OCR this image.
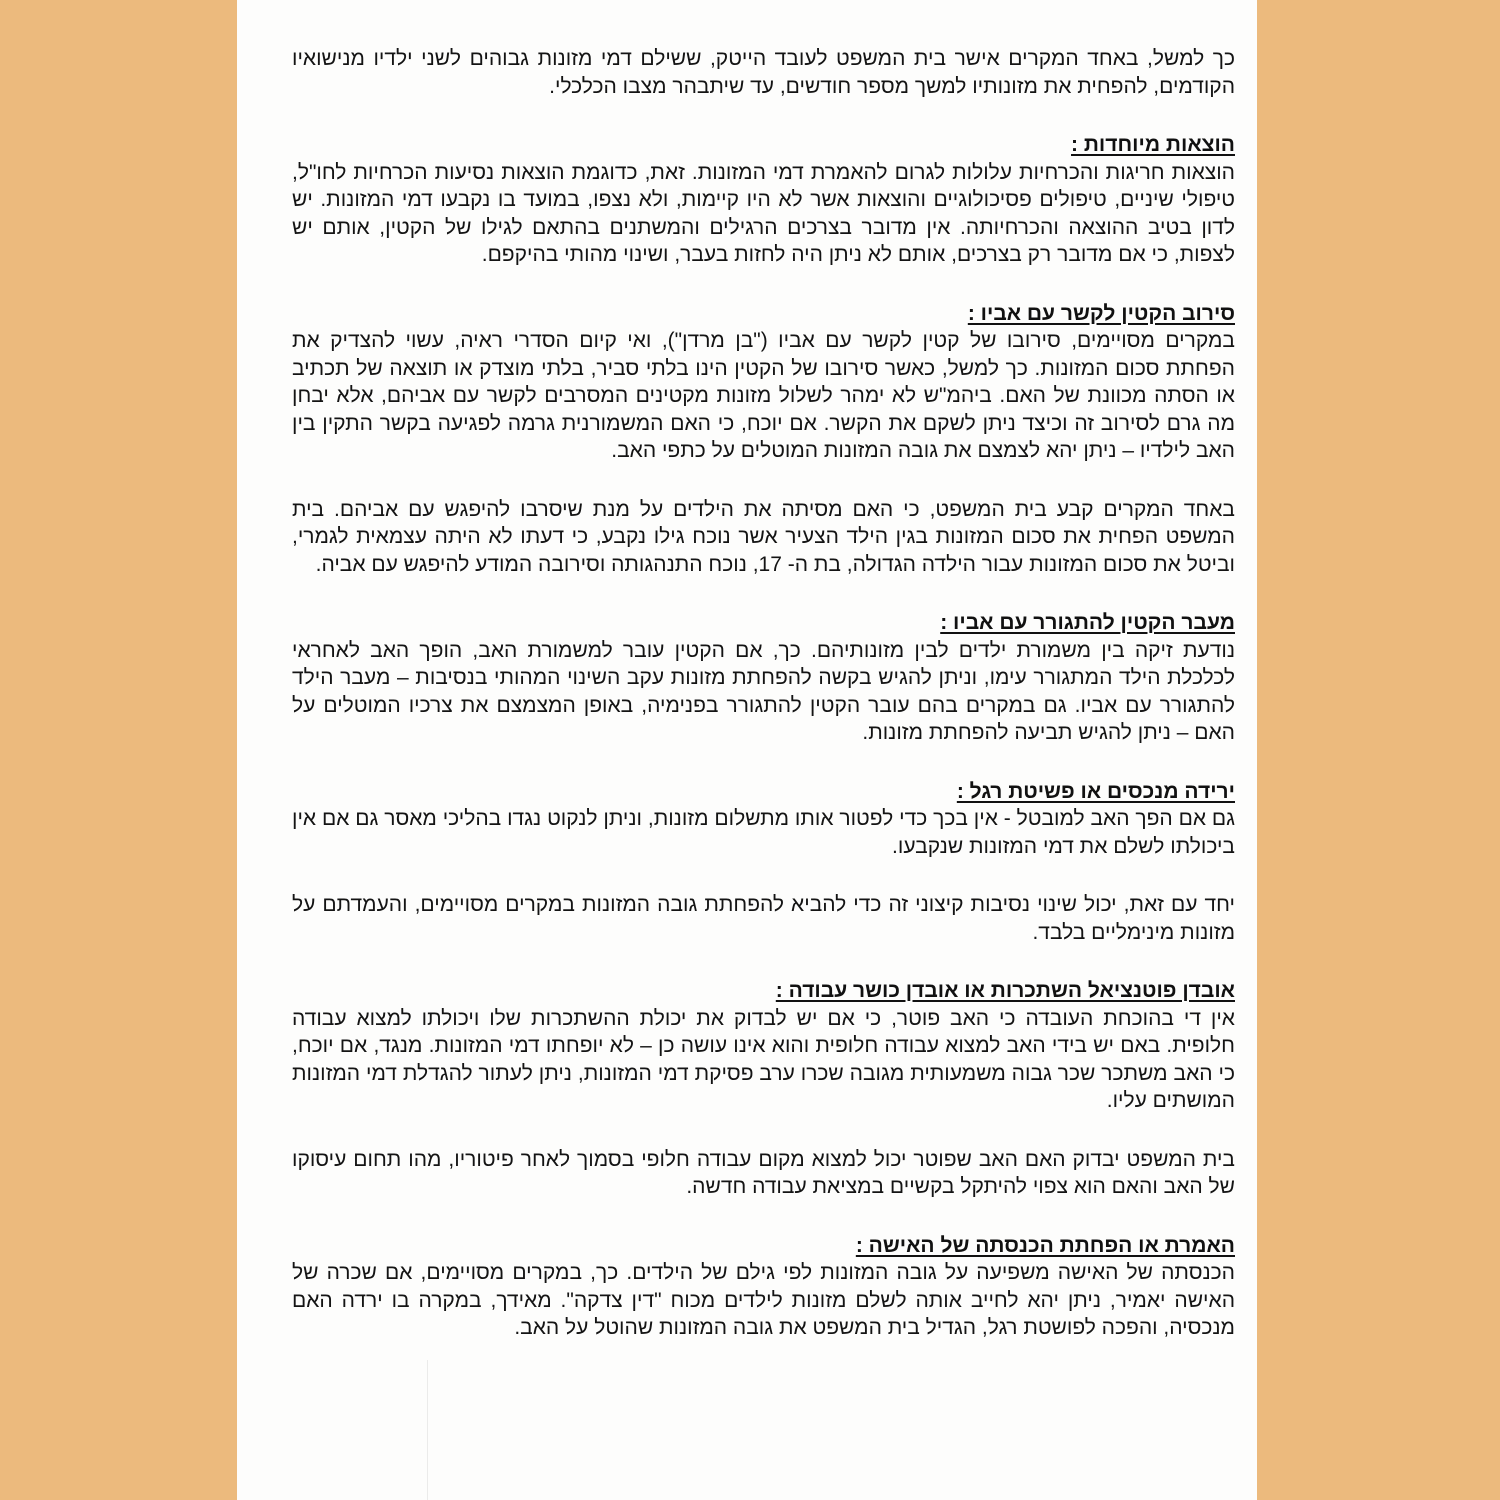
כך למשל, באחד המקרים אישר בית המשפט לעובד הייטק, ששילם דמי מזונות גבוהים לשני ילדיו מנישואיו הקודמים, להפחית את מזונותיו למשך מספר חודשים, עד שיתבהר מצבו הכלכלי.

הוצאות מיוחדות :

הוצאות חריגות והכרחיות עלולות לגרום להאמרת דמי המזונות. זאת, כדוגמת הוצאות נסיעות הכרחיות לחו"ל, טיפולי שיניים, טיפולים פסיכולוגיים והוצאות אשר לא היו קיימות, ולא נצפו, במועד בו נקבעו דמי המזונות. יש לדון בטיב ההוצאה והכרחיותה. אין מדובר בצרכים הרגילים והמשתנים בהתאם לגילו של הקטין, אותם יש לצפות, כי אם מדובר רק בצרכים, אותם לא ניתן היה לחזות בעבר, ושינוי מהותי בהיקפם.

סירוב הקטין לקשר עם אביו :

במקרים מסויימים, סירובו של קטין לקשר עם אביו ("בן מרדן"), ואי קיום הסדרי ראיה, עשוי להצדיק את הפחתת סכום המזונות. כך למשל, כאשר סירובו של הקטין הינו בלתי סביר, בלתי מוצדק או תוצאה של תכתיב או הסתה מכוונת של האם. ביהמ"ש לא ימהר לשלול מזונות מקטינים המסרבים לקשר עם אביהם, אלא יבחן מה גרם לסירוב זה וכיצד ניתן לשקם את הקשר. אם יוכח, כי האם המשמורנית גרמה לפגיעה בקשר התקין בין האב לילדיו – ניתן יהא לצמצם את גובה המזונות המוטלים על כתפי האב.

באחד המקרים קבע בית המשפט, כי האם מסיתה את הילדים על מנת שיסרבו להיפגש עם אביהם. בית המשפט הפחית את סכום המזונות בגין הילד הצעיר אשר נוכח גילו נקבע, כי דעתו לא היתה עצמאית לגמרי, וביטל את סכום המזונות עבור הילדה הגדולה, בת ה- 17, נוכח התנהגותה וסירובה המודע להיפגש עם אביה.

מעבר הקטין להתגורר עם אביו :

נודעת זיקה בין משמורת ילדים לבין מזונותיהם. כך, אם הקטין עובר למשמורת האב, הופך האב לאחראי לכלכלת הילד המתגורר עימו, וניתן להגיש בקשה להפחתת מזונות עקב השינוי המהותי בנסיבות – מעבר הילד להתגורר עם אביו. גם במקרים בהם עובר הקטין להתגורר בפנימיה, באופן המצמצם את צרכיו המוטלים על האם – ניתן להגיש תביעה להפחתת מזונות.

ירידה מנכסים או פשיטת רגל :

גם אם הפך האב למובטל - אין בכך כדי לפטור אותו מתשלום מזונות, וניתן לנקוט נגדו בהליכי מאסר גם אם אין ביכולתו לשלם את דמי המזונות שנקבעו.

יחד עם זאת, יכול שינוי נסיבות קיצוני זה כדי להביא להפחתת גובה המזונות במקרים מסויימים, והעמדתם על מזונות מינימליים בלבד.

אובדן פוטנציאל השתכרות או אובדן כושר עבודה :

אין די בהוכחת העובדה כי האב פוטר, כי אם יש לבדוק את יכולת ההשתכרות שלו ויכולתו למצוא עבודה חלופית. באם יש בידי האב למצוא עבודה חלופית והוא אינו עושה כן – לא יופחתו דמי המזונות. מנגד, אם יוכח, כי האב משתכר שכר גבוה משמעותית מגובה שכרו ערב פסיקת דמי המזונות, ניתן לעתור להגדלת דמי המזונות המושתים עליו.

בית המשפט יבדוק האם האב שפוטר יכול למצוא מקום עבודה חלופי בסמוך לאחר פיטוריו, מהו תחום עיסוקו של האב והאם הוא צפוי להיתקל בקשיים במציאת עבודה חדשה.

האמרת או הפחתת הכנסתה של האישה :

הכנסתה של האישה משפיעה על גובה המזונות לפי גילם של הילדים. כך, במקרים מסויימים, אם שכרה של האישה יאמיר, ניתן יהא לחייב אותה לשלם מזונות לילדים מכוח "דין צדקה". מאידך, במקרה בו ירדה האם מנכסיה, והפכה לפושטת רגל, הגדיל בית המשפט את גובה המזונות שהוטל על האב.
